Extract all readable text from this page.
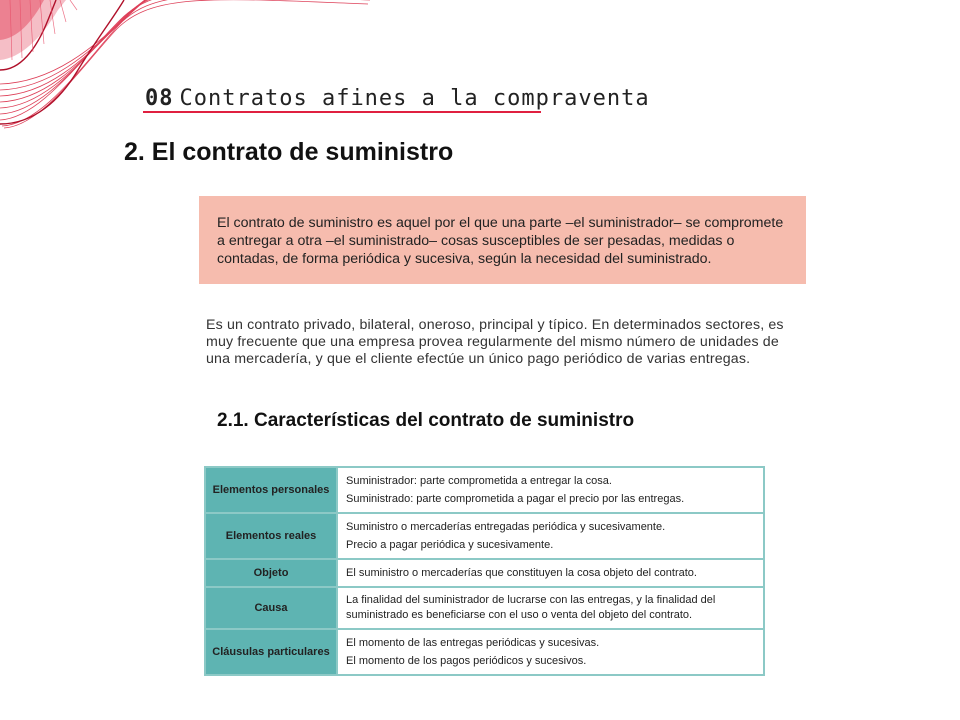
08 Contratos afines a la compraventa
2. El contrato de suministro
El contrato de suministro es aquel por el que una parte –el suministrador– se compromete a entregar a otra –el suministrado– cosas susceptibles de ser pesadas, medidas o contadas, de forma periódica y sucesiva, según la necesidad del suministrado.

Es un contrato privado, bilateral, oneroso, principal y típico. En determinados sectores, es muy frecuente que una empresa provea regularmente del mismo número de unidades de una mercadería, y que el cliente efectúe un único pago periódico de varias entregas.

2.1. Características del contrato de suministro
Elementos personales	Suministrador: parte comprometida a entregar la cosa.
Suministrado: parte comprometida a pagar el precio por las entregas.

Elementos reales	Suministro o mercaderías entregadas periódica y sucesivamente.
Precio a pagar periódica y sucesivamente.

Objeto	El suministro o mercaderías que constituyen la cosa objeto del contrato.

Causa	La finalidad del suministrador de lucrarse con las entregas, y la finalidad del
suministrado es beneficiarse con el uso o venta del objeto del contrato.

Cláusulas particulares	El momento de las entregas periódicas y sucesivas.
El momento de los pagos periódicos y sucesivos.
